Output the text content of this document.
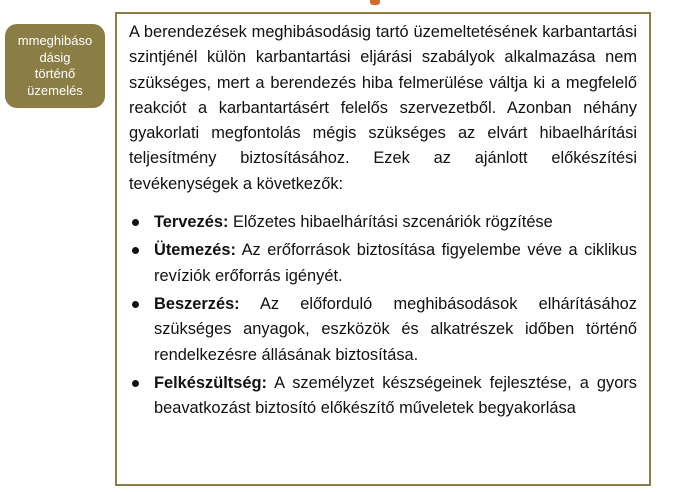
mmeghibáso
dásig
történő
üzemelés

A berendezések meghibásodásig tartó üzemeltetésének karbantartási szintjénél külön karbantartási eljárási szabályok alkalmazása nem szükséges, mert a berendezés hiba felmerülése váltja ki a megfelelő reakciót a karbantartásért felelős szervezetből. Azonban néhány gyakorlati megfontolás mégis szükséges az elvárt hibaelhárítási teljesítmény biztosításához. Ezek az ajánlott előkészítési tevékenységek a következők:

Tervezés: Előzetes hibaelhárítási szcenáriók rögzítése
Ütemezés: Az erőforrások biztosítása figyelembe véve a ciklikus revíziók erőforrás igényét.
Beszerzés: Az előforduló meghibásodások elhárításához szükséges anyagok, eszközök és alkatrészek időben történő rendelkezésre állásának biztosítása.
Felkészültség: A személyzet készségeinek fejlesztése, a gyors beavatkozást biztosító előkészítő műveletek begyakorlása
